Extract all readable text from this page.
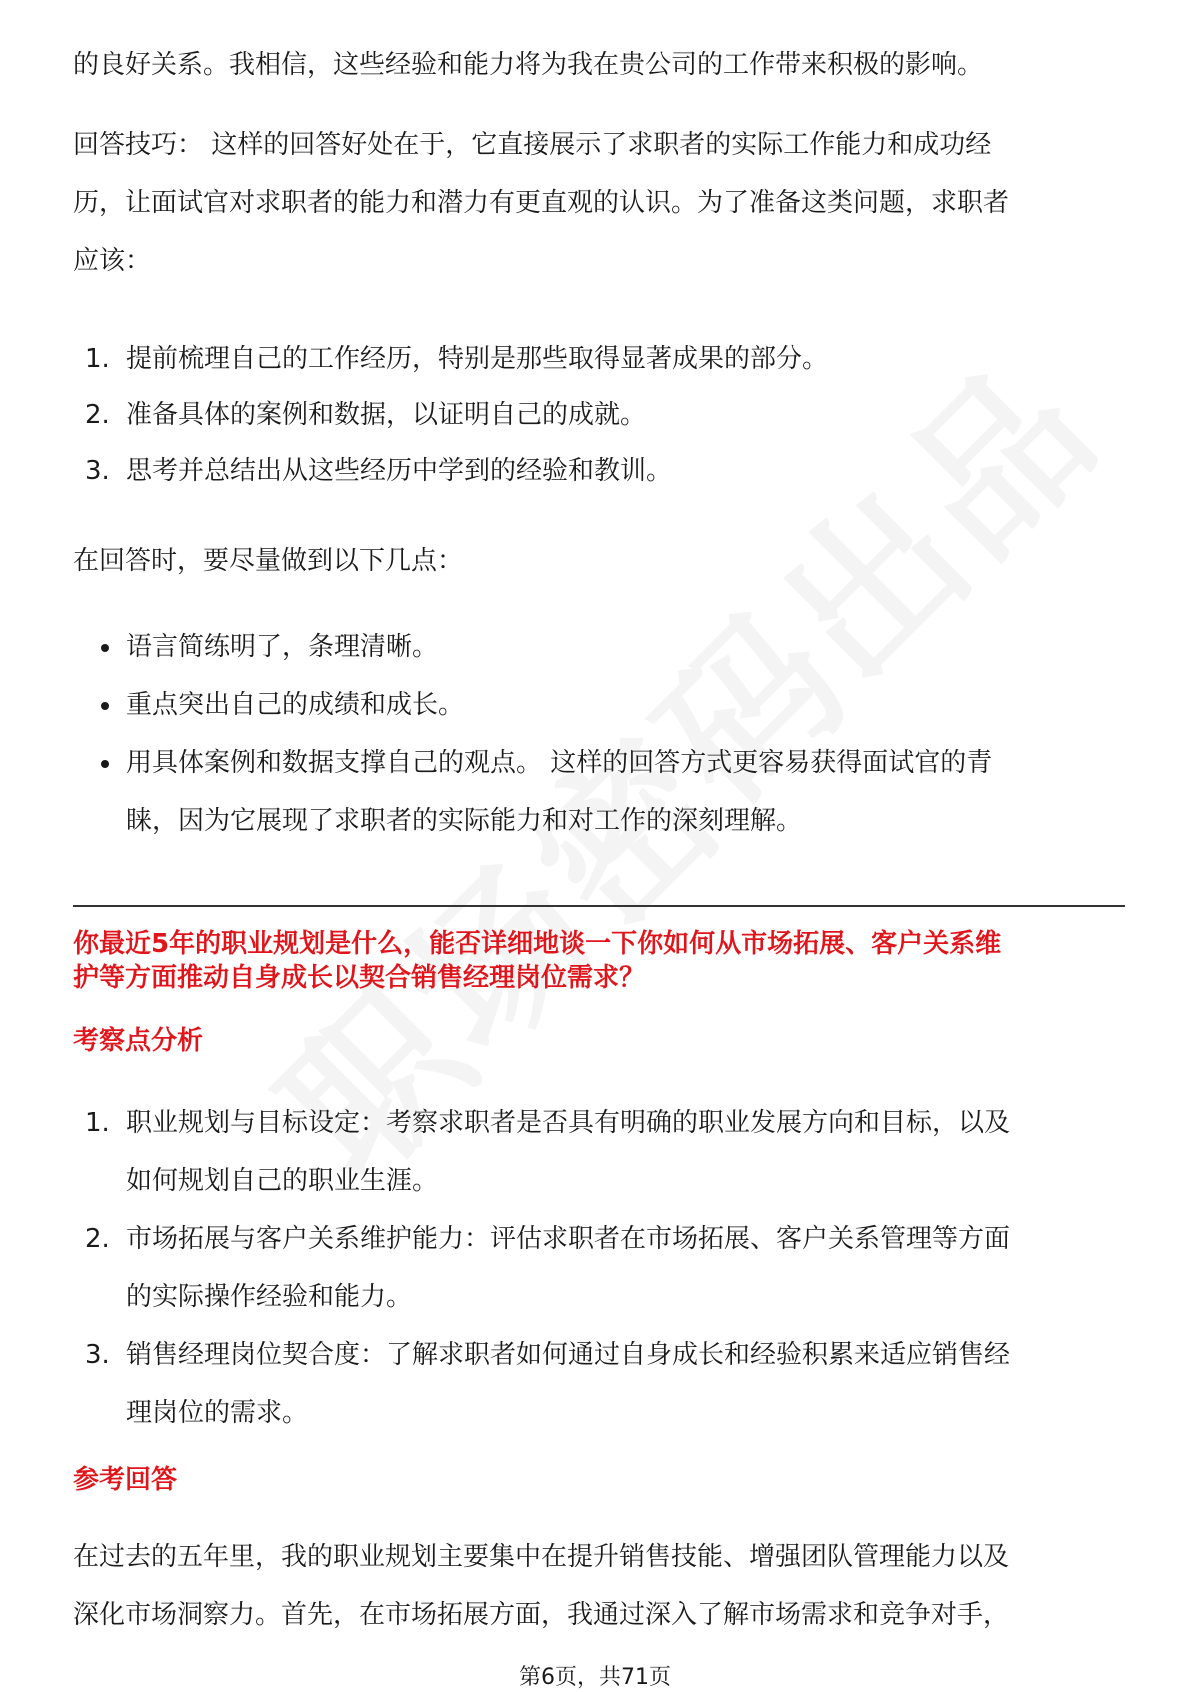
的良好关系。我相信，这些经验和能力将为我在贵公司的工作带来积极的影响。

回答技巧： 这样的回答好处在于，它直接展示了求职者的实际工作能力和成功经
历，让面试官对求职者的能力和潜力有更直观的认识。为了准备这类问题，求职者
应该：
1. 提前梳理自己的工作经历，特别是那些取得显著成果的部分。
2. 准备具体的案例和数据，以证明自己的成就。
3. 思考并总结出从这些经历中学到的经验和教训。

在回答时，要尽量做到以下几点：

语言简练明了，条理清晰。
重点突出自己的成绩和成长。
用具体案例和数据支撑自己的观点。 这样的回答方式更容易获得面试官的青
睐，因为它展现了求职者的实际能力和对工作的深刻理解。
你最近5年的职业规划是什么，能否详细地谈一下你如何从市场拓展、客户关系维
护等方面推动自身成长以契合销售经理岗位需求？
考察点分析
1. 职业规划与目标设定：考察求职者是否具有明确的职业发展方向和目标，以及
如何规划自己的职业生涯。
2. 市场拓展与客户关系维护能力：评估求职者在市场拓展、客户关系管理等方面
的实际操作经验和能力。
3. 销售经理岗位契合度：了解求职者如何通过自身成长和经验积累来适应销售经
理岗位的需求。
参考回答
在过去的五年里，我的职业规划主要集中在提升销售技能、增强团队管理能力以及
深化市场洞察力。首先，在市场拓展方面，我通过深入了解市场需求和竞争对手，
第6页，共71页
